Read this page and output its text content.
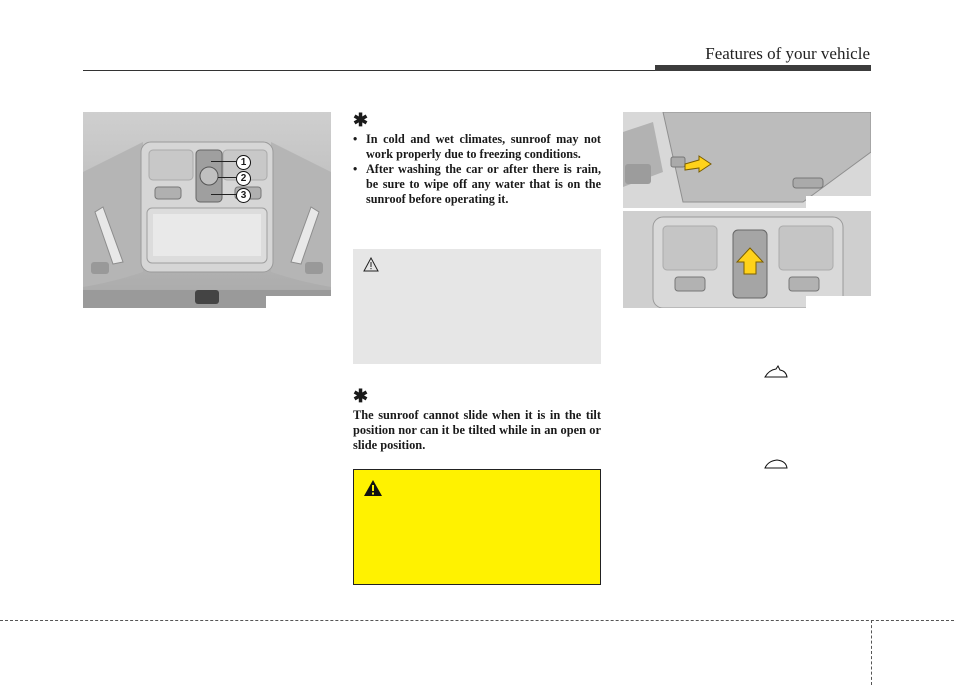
Features of your vehicle
1
2
3
✱
• In cold and wet climates, sunroof may not work properly due to freezing conditions.
• After washing the car or after there is rain, be sure to wipe off any water that is on the sunroof before operating it.
✱
The sunroof cannot slide when it is in the tilt position nor can it be tilted while in an open or slide position.
